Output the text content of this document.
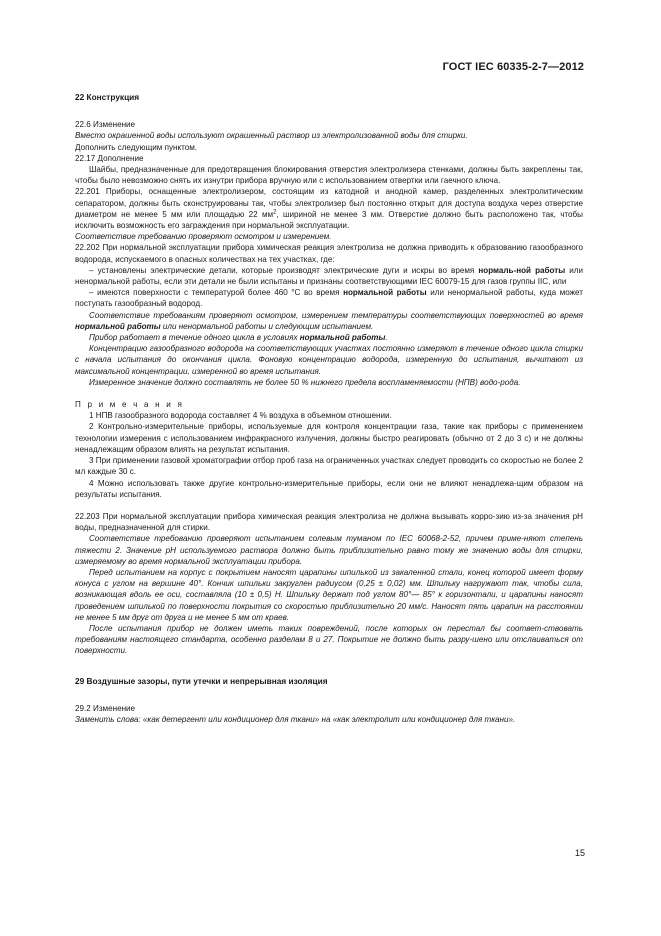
ГОСТ IEC 60335-2-7—2012

22 Конструкция

22.6 Изменение

Вместо окрашенной воды используют окрашенный раствор из электролизованной воды для стирки.

Дополнить следующим пунктом.

22.17 Дополнение

Шайбы, предназначенные для предотвращения блокирования отверстия электролизера стенками, должны быть закреплены так, чтобы было невозможно снять их изнутри прибора вручную или с использованием отвертки или гаечного ключа.

22.201 Приборы, оснащенные электролизером, состоящим из катодной и анодной камер, разделенных электролитическим сепаратором, должны быть сконструированы так, чтобы электролизер был постоянно открыт для доступа воздуха через отверстие диаметром не менее 5 мм или площадью 22 $мм^2$, шириной не менее 3 мм. Отверстие должно быть расположено так, чтобы исключить возможность его заграждения при нормальной эксплуатации.

Соответствие требованию проверяют осмотром и измерением.

22.202 При нормальной эксплуатации прибора химическая реакция электролиза не должна приводить к образованию газообразного водорода, испускаемого в опасных количествах на тех участках, где:

– установлены электрические детали, которые производят электрические дуги и искры во время нормаль-ной работы или ненормальной работы, если эти детали не были испытаны и признаны соответствующими IEC 60079-15 для газов группы IIC, или

– имеются поверхности с температурой более 460 °C во время нормальной работы или ненормальной работы, куда может поступать газообразный водород.

Соответствие требованиям проверяют осмотром, измерением температуры соответствующих поверхностей во время нормальной работы или ненормальной работы и следующим испытанием.

Прибор работает в течение одного цикла в условиях нормальной работы.

Концентрацию газообразного водорода на соответствующих участках постоянно измеряют в течение одного цикла стирки с начала испытания до окончания цикла. Фоновую концентрацию водорода, измеренную до испытания, вычитают из максимальной концентрации, измеренной во время испытания.

Измеренное значение должно составлять не более 50 % нижнего предела воспламеняемости (НПВ) водо-рода.

П р и м е ч а н и я

1 НПВ газообразного водорода составляет 4 % воздуха в объемном отношении.

2 Контрольно-измерительные приборы, используемые для контроля концентрации газа, такие как приборы с применением технологии измерения с использованием инфракрасного излучения, должны быстро реагировать (обычно от 2 до 3 с) и не должны ненадлежащим образом влиять на результат испытания.

3 При применении газовой хроматографии отбор проб газа на ограниченных участках следует проводить со скоростью не более 2 мл каждые 30 с.

4 Можно использовать также другие контрольно-измерительные приборы, если они не влияют ненадлежа-щим образом на результаты испытания.

22.203 При нормальной эксплуатации прибора химическая реакция электролиза не должна вызывать корро-зию из-за значения pH воды, предназначенной для стирки.

Соответствие требованию проверяют испытанием солевым туманом по IEC 60068-2-52, причем приме-няют степень тяжести 2. Значение pH используемого раствора должно быть приблизительно равно тому же значению воды для стирки, измеряемому во время нормальной эксплуатации прибора.

Перед испытанием на корпус с покрытием наносят царапины шпилькой из закаленной стали, конец которой имеет форму конуса с углом на вершине 40°. Кончик шпильки закруглен радиусом (0,25 ± 0,02) мм. Шпильку нагружают так, чтобы сила, возникающая вдоль ее оси, составляла (10 ± 0,5) Н. Шпильку держат под углом 80°— 85° к горизонтали, и царапины наносят проведением шпилькой по поверхности покрытия со скоростью приблизительно 20 мм/с. Наносят пять царапин на расстоянии не менее 5 мм друг от друга и не менее 5 мм от краев.

После испытания прибор не должен иметь таких повреждений, после которых он перестал бы соответ-ствовать требованиям настоящего стандарта, особенно разделам 8 и 27. Покрытие не должно быть разру-шено или отслаиваться от поверхности.

29 Воздушные зазоры, пути утечки и непрерывная изоляция

29.2 Изменение

Заменить слова: «как детергент или кондиционер для ткани» на «как электролит или кондиционер для ткани».

15
